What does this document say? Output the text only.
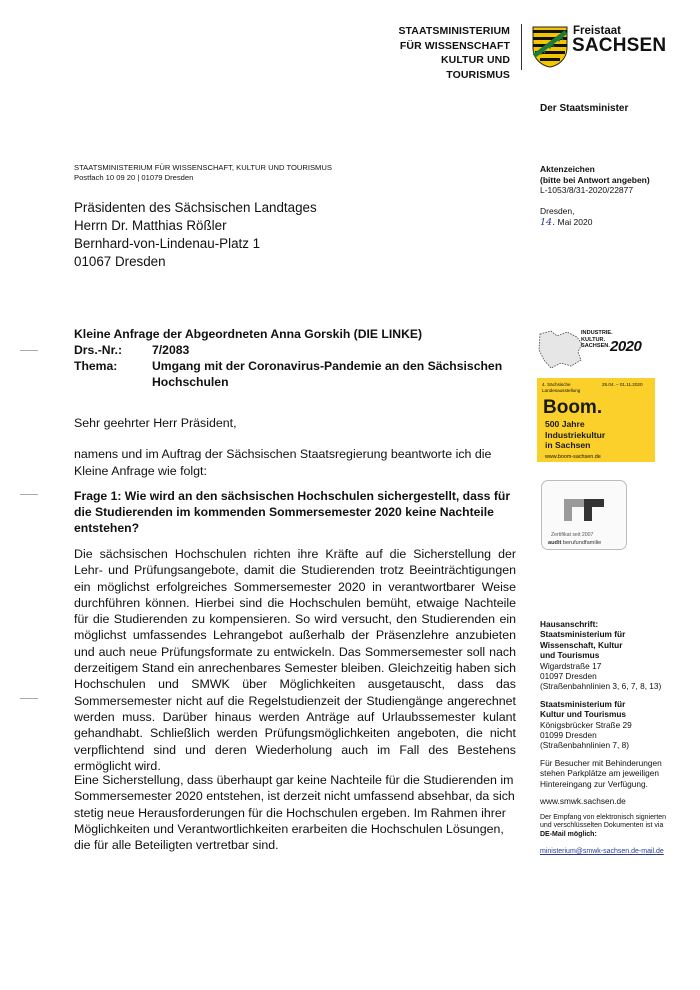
STAATSMINISTERIUM
FÜR WISSENSCHAFT
KULTUR UND TOURISMUS
Freistaat
SACHSEN
Der Staatsminister
STAATSMINISTERIUM FÜR WISSENSCHAFT, KULTUR UND TOURISMUS
Postfach 10 09 20 | 01079 Dresden
Präsidenten des Sächsischen Landtages
Herrn Dr. Matthias Rößler
Bernhard-von-Lindenau-Platz 1
01067 Dresden
Aktenzeichen
(bitte bei Antwort angeben)
L-1053/8/31-2020/22877
Dresden,
14. Mai 2020
Kleine Anfrage der Abgeordneten Anna Gorskih (DIE LINKE)
Drs.-Nr.: 7/2083
Thema:	Umgang mit der Coronavirus-Pandemie an den Sächsischen Hochschulen
Sehr geehrter Herr Präsident,
namens und im Auftrag der Sächsischen Staatsregierung beantworte ich die Kleine Anfrage wie folgt:
Frage 1: Wie wird an den sächsischen Hochschulen sichergestellt, dass für die Studierenden im kommenden Sommersemester 2020 keine Nachteile entstehen?
Die sächsischen Hochschulen richten ihre Kräfte auf die Sicherstellung der Lehr- und Prüfungsangebote, damit die Studierenden trotz Beeinträchtigungen ein möglichst erfolgreiches Sommersemester 2020 in verantwortbarer Weise durchführen können. Hierbei sind die Hochschulen bemüht, etwaige Nachteile für die Studierenden zu kompensieren. So wird versucht, den Studierenden ein möglichst umfassendes Lehrangebot außerhalb der Präsenzlehre anzubieten und auch neue Prüfungsformate zu entwickeln. Das Sommersemester soll nach derzeitigem Stand ein anrechenbares Semester bleiben. Gleichzeitig haben sich Hochschulen und SMWK über Möglichkeiten ausgetauscht, dass das Sommersemester nicht auf die Regelstudienzeit der Studiengänge angerechnet werden muss. Darüber hinaus werden Anträge auf Urlaubssemester kulant gehandhabt. Schließlich werden Prüfungsmöglichkeiten angeboten, die nicht verpflichtend sind und deren Wiederholung auch im Fall des Bestehens ermöglicht wird.
Eine Sicherstellung, dass überhaupt gar keine Nachteile für die Studierenden im Sommersemester 2020 entstehen, ist derzeit nicht umfassend absehbar, da sich stetig neue Herausforderungen für die Hochschulen ergeben. Im Rahmen ihrer Möglichkeiten und Verantwortlichkeiten erarbeiten die Hochschulen Lösungen, die für alle Beteiligten vertretbar sind.
INDUSTRIE.
KULTUR.
SACHSEN. 2020
4. Sächsische Landesausstellung
25.04. – 01.11.2020
Boom.
500 Jahre
Industriekultur
in Sachsen
www.boom-sachsen.de
Zertifikat seit 2007
audit berufundfamilie
Hausanschrift:
Staatsministerium für
Wissenschaft, Kultur
und Tourismus
Wigardstraße 17
01097 Dresden
(Straßenbahnlinien 3, 6, 7, 8, 13)
Staatsministerium für
Kultur und Tourismus
Königsbrücker Straße 29
01099 Dresden
(Straßenbahnlinien 7, 8)
Für Besucher mit Behinderungen
stehen Parkplätze am jeweiligen
Hintereingang zur Verfügung.
www.smwk.sachsen.de
Der Empfang von elektronisch signierten
und verschlüsselten Dokumenten ist via
DE-Mail möglich:
ministerium@smwk-sachsen.de-mail.de
